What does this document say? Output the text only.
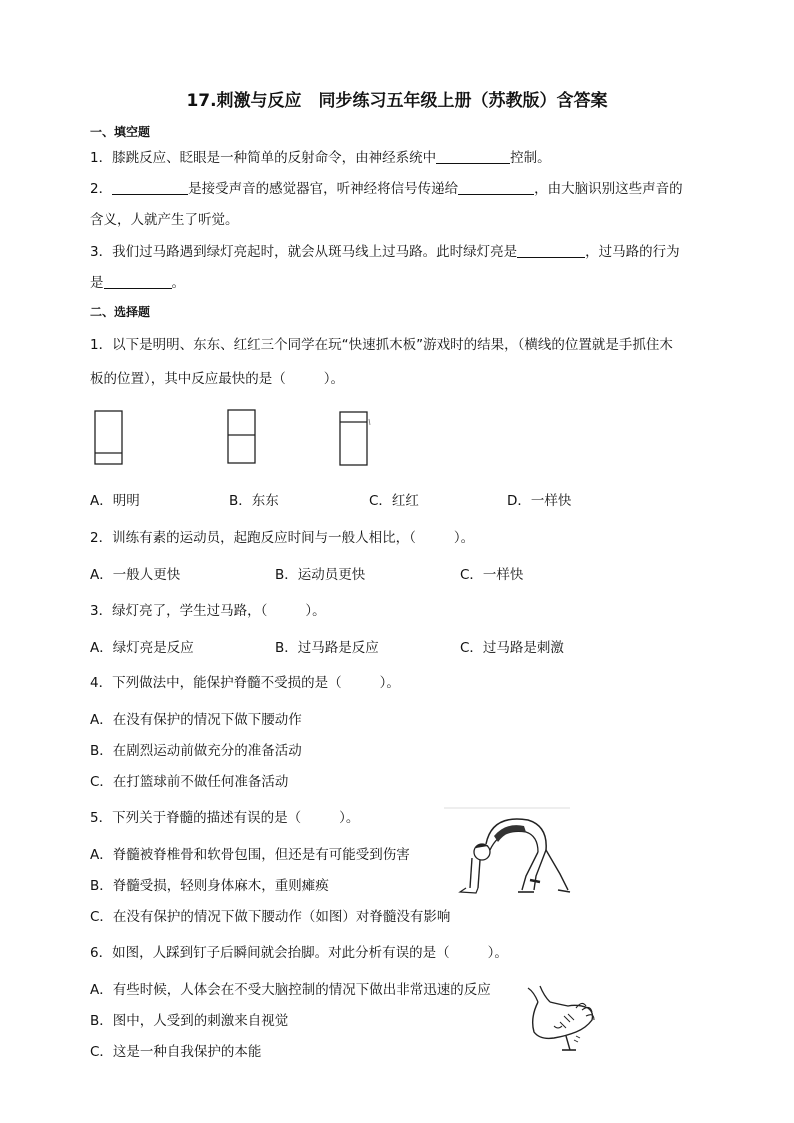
17.刺激与反应　同步练习五年级上册（苏教版）含答案
一、填空题
1．膝跳反应、眨眼是一种简单的反射命令，由神经系统中	控制。
2．	是接受声音的感觉器官，听神经将信号传递给	，由大脑识别这些声音的
含义，人就产生了听觉。
3．我们过马路遇到绿灯亮起时，就会从斑马线上过马路。此时绿灯亮是	，过马路的行为
是	。
二、选择题
1．以下是明明、东东、红红三个同学在玩“快速抓木板”游戏时的结果，（横线的位置就是手抓住木
板的位置），其中反应最快的是（	）。
A．明明	B．东东	C．红红	D．一样快
2．训练有素的运动员，起跑反应时间与一般人相比，（	）。
A．一般人更快	B．运动员更快	C．一样快
3．绿灯亮了，学生过马路，（	）。
A．绿灯亮是反应	B．过马路是反应	C．过马路是刺激
4．下列做法中，能保护脊髓不受损的是（	）。
A．在没有保护的情况下做下腰动作
B．在剧烈运动前做充分的准备活动
C．在打篮球前不做任何准备活动
5．下列关于脊髓的描述有误的是（	）。
A．脊髓被脊椎骨和软骨包围，但还是有可能受到伤害
B．脊髓受损，轻则身体麻木，重则瘫痪
C．在没有保护的情况下做下腰动作（如图）对脊髓没有影响
6．如图，人踩到钉子后瞬间就会抬脚。对此分析有误的是（	）。
A．有些时候，人体会在不受大脑控制的情况下做出非常迅速的反应
B．图中，人受到的刺激来自视觉
C．这是一种自我保护的本能
